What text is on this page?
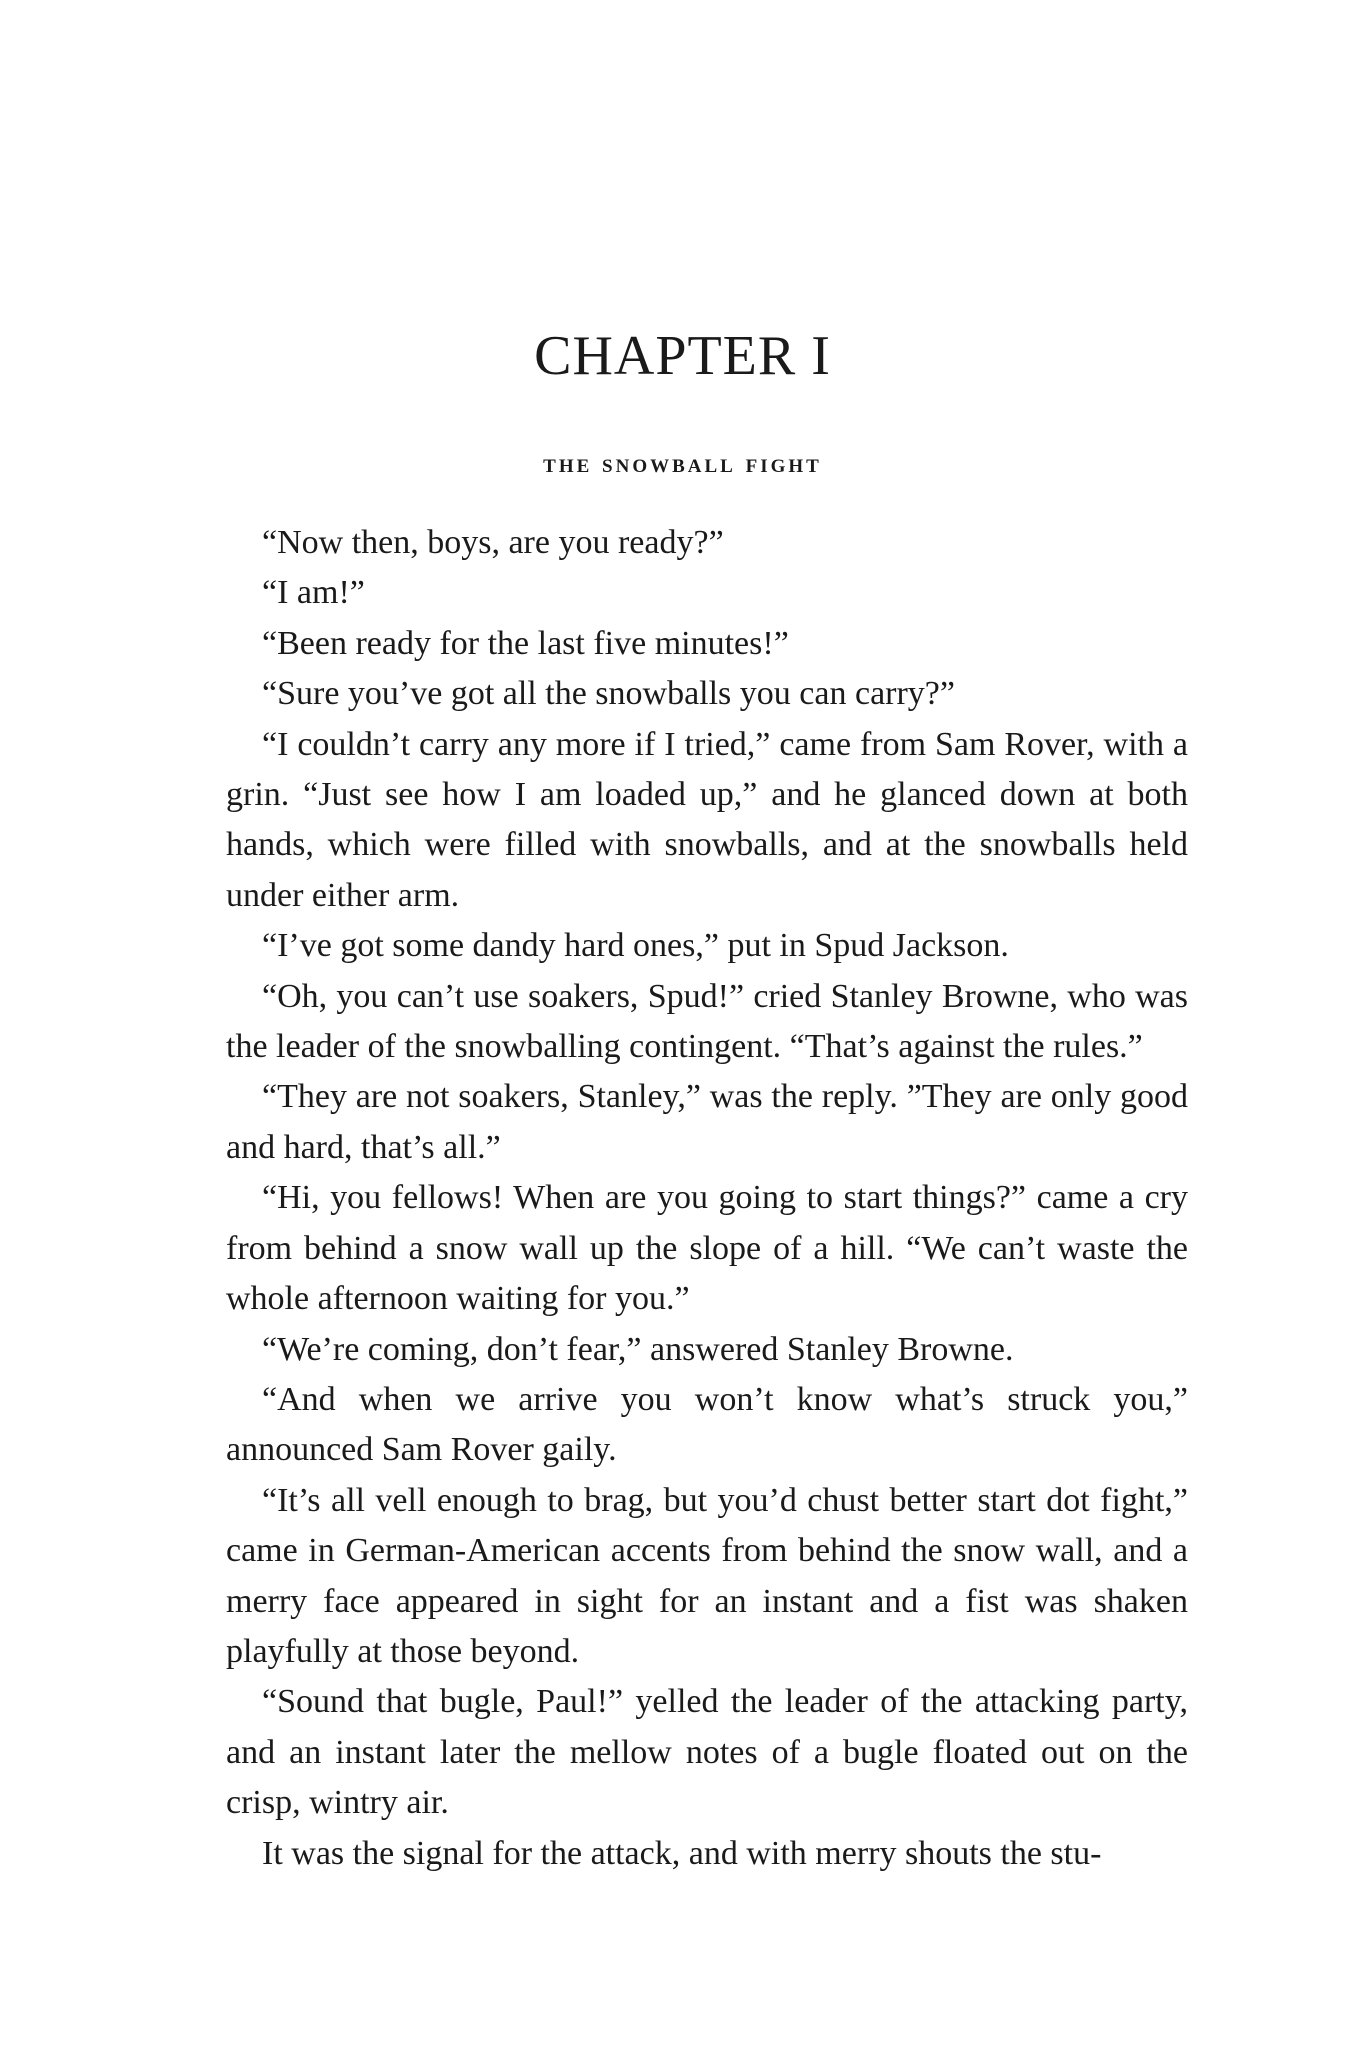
CHAPTER I
the snowball fight

“Now then, boys, are you ready?”

“I am!”

“Been ready for the last five minutes!”

“Sure you’ve got all the snowballs you can carry?”

“I couldn’t carry any more if I tried,” came from Sam Rover, with a grin. “Just see how I am loaded up,” and he glanced down at both hands, which were filled with snowballs, and at the snowballs held under either arm.

“I’ve got some dandy hard ones,” put in Spud Jackson.

“Oh, you can’t use soakers, Spud!” cried Stanley Browne, who was the leader of the snowballing contingent. “That’s against the rules.”

“They are not soakers, Stanley,” was the reply. ”They are only good and hard, that’s all.”

“Hi, you fellows! When are you going to start things?” came a cry from behind a snow wall up the slope of a hill. “We can’t waste the whole afternoon waiting for you.”

“We’re coming, don’t fear,” answered Stanley Browne.

“And when we arrive you won’t know what’s struck you,” announced Sam Rover gaily.

“It’s all vell enough to brag, but you’d chust better start dot fight,” came in German-American accents from behind the snow wall, and a merry face appeared in sight for an instant and a fist was shaken playfully at those beyond.

“Sound that bugle, Paul!” yelled the leader of the attacking party, and an instant later the mellow notes of a bugle floated out on the crisp, wintry air.

It was the signal for the attack, and with merry shouts the stu-
